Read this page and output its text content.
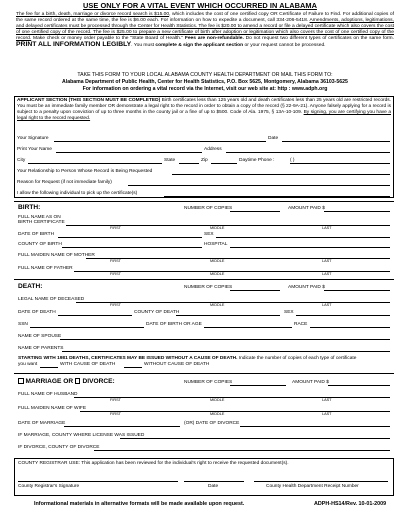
USE ONLY FOR A VITAL EVENT WHICH OCCURRED IN ALABAMA
The fee for a birth, death, marriage or divorce record search is $15.00, which includes the cost of one certified copy OR Certificate of Failure to Find. For additional copies of the same record ordered at the same time, the fee is $6.00 each. For information on how to expedite a document, call 334-206-5418. Amendments, adoptions, legitimations, and delayed certificates must be processed through the Center for Health Statistics. The fee is $20.00 to amend a record or file a delayed certificate which also covers the cost of one certified copy of the record. The fee is $25.00 to prepare a new certificate of birth after adoption or legitimation which also covers the cost of one certified copy of the record. Make check or money order payable to the "State Board of Health." Fees are non-refundable. Do not request two different types of certificates on the same form. PRINT ALL INFORMATION LEGIBLY. You must complete & sign the applicant section or your request cannot be processed.
TAKE THIS FORM TO YOUR LOCAL ALABAMA COUNTY HEALTH DEPARTMENT OR MAIL THIS FORM TO:
Alabama Department of Public Health, Center for Health Statistics, P.O. Box 5625, Montgomery, Alabama 36103-5625
For information on ordering a vital record via the Internet, visit our web site at: http : www.adph.org
APPLICANT SECTION (THIS SECTION MUST BE COMPLETED) Birth certificates less than 125 years old and death certificates less than 25 years old are restricted records. You must be an immediate family member OR demonstrate a legal right to the record in order to obtain a copy of the record (§ 22-9A-21). Anyone falsely applying for a record is subject to a penalty upon conviction of up to three months in the county jail or a fine of up to $500. Code of Ala. 1975, § 13A-10-109. By signing, you are certifying you have a legal right to the record requested.
Your Signature	Date
Print Your Name	Address
City	State	Zip	Daytime Phone :	( )
Your Relationship to Person Whose Record is Being Requested
Reason for Request (if not immediate family)
I allow the following individual to pick up the certificate(s)
BIRTH:	NUMBER OF COPIES	AMOUNT PAID $
FULL NAME AS ON
BIRTH CERTIFICATE
FIRST	MIDDLE	LAST
DATE OF BIRTH	SEX
COUNTY OF BIRTH	HOSPITAL
FULL MAIDEN NAME OF MOTHER
FIRST	MIDDLE	LAST
FULL NAME OF FATHER
FIRST	MIDDLE	LAST
DEATH:	NUMBER OF COPIES	AMOUNT PAID $
LEGAL NAME OF DECEASED
FIRST	MIDDLE	LAST
DATE OF DEATH	COUNTY OF DEATH	SEX
SSN	DATE OF BIRTH OR AGE	RACE
NAME OF SPOUSE
NAME OF PARENTS
STARTING WITH 1981 DEATHS, CERTIFICATES MAY BE ISSUED WITHOUT A CAUSE OF DEATH. Indicate the number of copies of each type of certificate
you want	WITH CAUSE OF DEATH	WITHOUT CAUSE OF DEATH
MARRIAGE OR DIVORCE:	NUMBER OF COPIES	AMOUNT PAID $
FULL NAME OF HUSBAND
FIRST	MIDDLE	LAST
FULL MAIDEN NAME OF WIFE
FIRST	MIDDLE	LAST
DATE OF MARRIAGE	(OR) DATE OF DIVORCE
IF MARRIAGE, COUNTY WHERE LICENSE WAS ISSUED
IF DIVORCE, COUNTY OF DIVORCE
COUNTY REGISTRAR USE: This application has been reviewed for the individual's right to receive the requested document(s).
County Registrar's Signature	Date	County Health Department Receipt Number
Informational materials in alternative formats will be made available upon request.	ADPH-HS14/Rev. 10-01-2009
